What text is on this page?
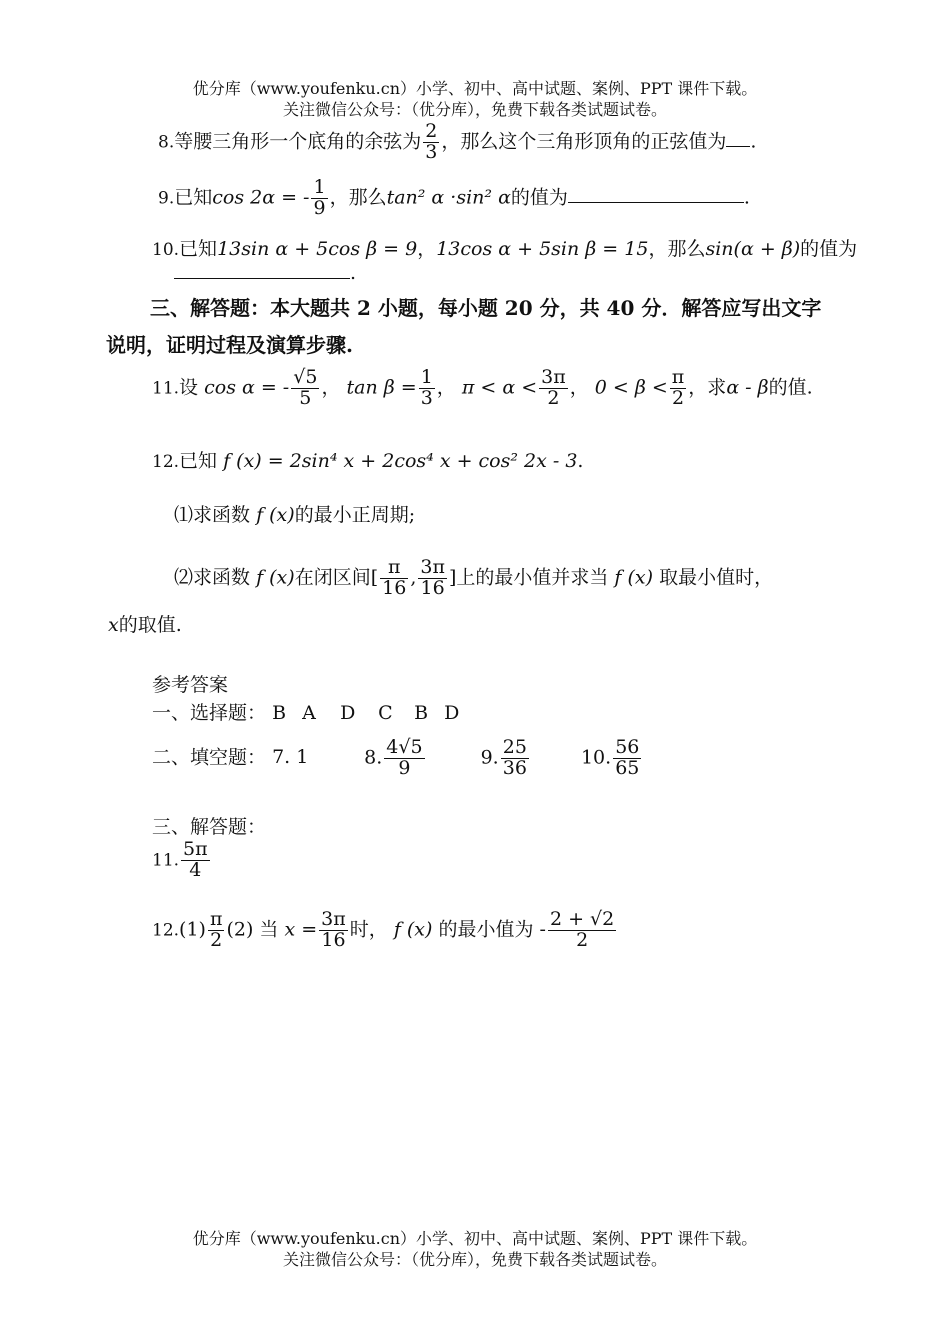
优分库（www.youfenku.cn）小学、初中、高中试题、案例、PPT 课件下载。
关注微信公众号：（优分库），免费下载各类试题试卷。
8.等腰三角形一个底角的余弦为 $\frac{2}{3}$ ，那么这个三角形顶角的正弦值为 .
9.已知cos 2α = - $\frac{1}{9}$ ，那么tan² α ·sin² α的值为	.
10.已知13sin α + 5cos β = 9，13cos α + 5sin β = 15，那么sin(α + β)的值为
.
三、解答题：本大题共 2 小题，每小题 20 分，共 40 分．解答应写出文字
说明，证明过程及演算步骤.
11.设 cos α = - $\frac{√5}{5}$ ， $\tan \beta = \frac{1}{3}$ ， $\pi < \alpha < \frac{3\pi}{2}$ ， $0 < \beta < \frac{\pi}{2}$ ，求α - β的值.
12.已知 f (x) = 2sin⁴ x + 2cos⁴ x + cos² 2x - 3.
⑴求函数 f (x)的最小正周期;
⑵求函数 f (x)在闭区间[ $\frac{\pi}{16}$ , $\frac{3\pi}{16}$ ]上的最小值并求当 f (x) 取最小值时，
x的取值.
参考答案
一、选择题： B A D C B D
二、填空题： 7. 1	8. $\frac{4√5}{9}$	9. $\frac{25}{36}$	10. $\frac{56}{65}$
三、解答题：
11. $\frac{5\pi}{4}$
$12.(1) \frac{\pi}{2} (2)$ 当 $x = \frac{3\pi}{16}$ 时， f (x) 的最小值为 - $\frac{2 + √2}{2}$
优分库（www.youfenku.cn）小学、初中、高中试题、案例、PPT 课件下载。
关注微信公众号：（优分库），免费下载各类试题试卷。
